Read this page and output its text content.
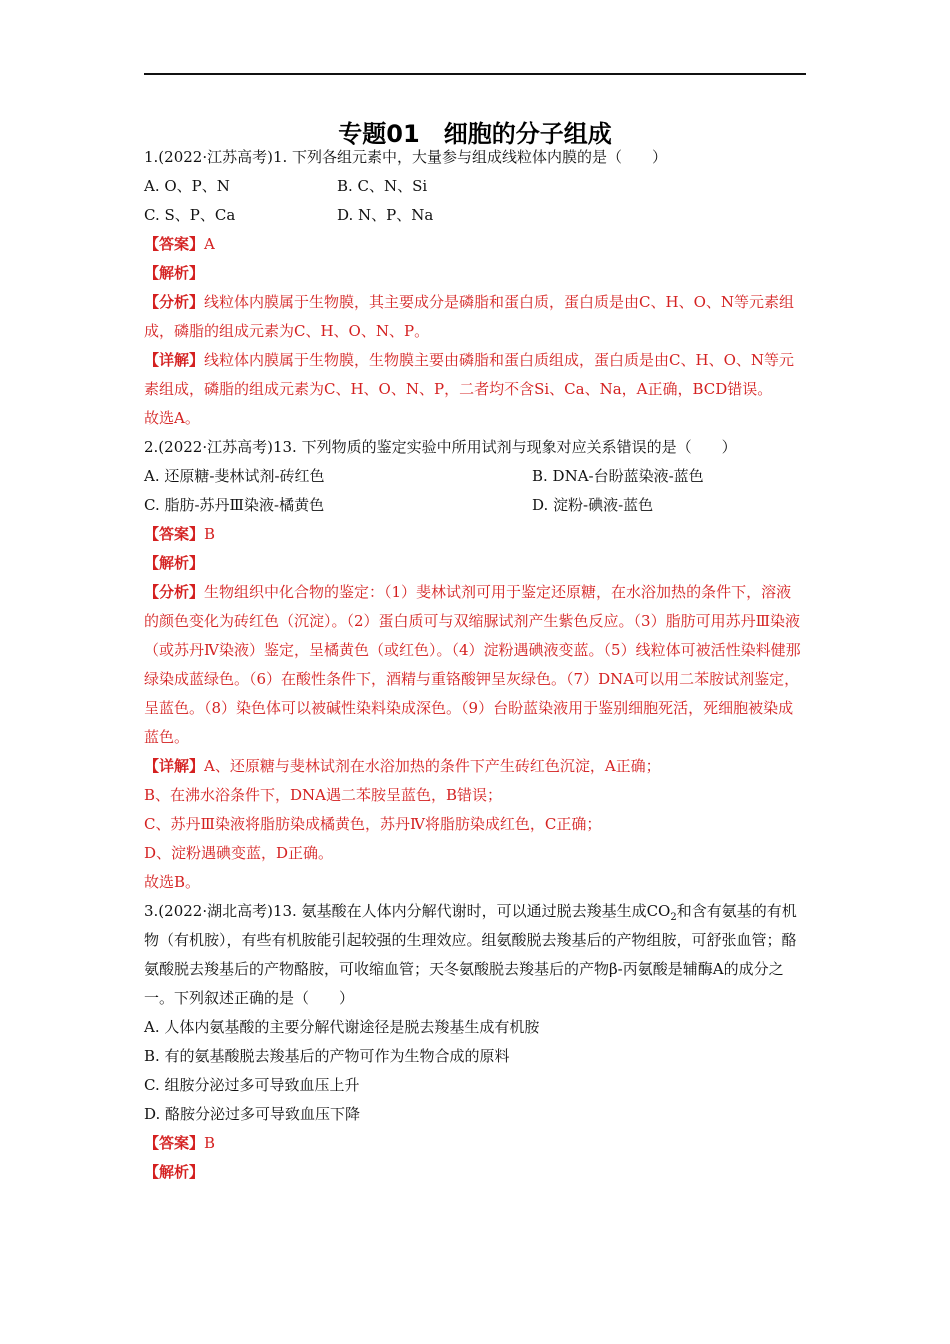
专题01　细胞的分子组成

1.(2022·江苏高考)1. 下列各组元素中，大量参与组成线粒体内膜的是（　　）

A. O、P、N	B. C、N、Si
C. S、P、Ca	D. N、P、Na

【答案】A

【解析】

【分析】线粒体内膜属于生物膜，其主要成分是磷脂和蛋白质，蛋白质是由C、H、O、N等元素组成，磷脂的组成元素为C、H、O、N、P。

【详解】线粒体内膜属于生物膜，生物膜主要由磷脂和蛋白质组成，蛋白质是由C、H、O、N等元素组成，磷脂的组成元素为C、H、O、N、P，二者均不含Si、Ca、Na，A正确，BCD错误。

故选A。

2.(2022·江苏高考)13. 下列物质的鉴定实验中所用试剂与现象对应关系错误的是（　　）

A. 还原糖-斐林试剂-砖红色	B. DNA-台盼蓝染液-蓝色
C. 脂肪-苏丹Ⅲ染液-橘黄色	D. 淀粉-碘液-蓝色

【答案】B

【解析】

【分析】生物组织中化合物的鉴定：（1）斐林试剂可用于鉴定还原糖，在水浴加热的条件下，溶液的颜色变化为砖红色（沉淀）。（2）蛋白质可与双缩脲试剂产生紫色反应。（3）脂肪可用苏丹Ⅲ染液（或苏丹Ⅳ染液）鉴定，呈橘黄色（或红色）。（4）淀粉遇碘液变蓝。（5）线粒体可被活性染料健那绿染成蓝绿色。（6）在酸性条件下，酒精与重铬酸钾呈灰绿色。（7）DNA可以用二苯胺试剂鉴定，呈蓝色。（8）染色体可以被碱性染料染成深色。（9）台盼蓝染液用于鉴别细胞死活，死细胞被染成蓝色。

【详解】A、还原糖与斐林试剂在水浴加热的条件下产生砖红色沉淀，A正确；

B、在沸水浴条件下，DNA遇二苯胺呈蓝色，B错误；

C、苏丹Ⅲ染液将脂肪染成橘黄色，苏丹Ⅳ将脂肪染成红色，C正确；

D、淀粉遇碘变蓝，D正确。

故选B。

3.(2022·湖北高考)13. 氨基酸在人体内分解代谢时，可以通过脱去羧基生成$CO_2$和含有氨基的有机物（有机胺），有些有机胺能引起较强的生理效应。组氨酸脱去羧基后的产物组胺，可舒张血管；酪氨酸脱去羧基后的产物酪胺，可收缩血管；天冬氨酸脱去羧基后的产物β-丙氨酸是辅酶A的成分之一。下列叙述正确的是（　　）

A. 人体内氨基酸的主要分解代谢途径是脱去羧基生成有机胺

B. 有的氨基酸脱去羧基后的产物可作为生物合成的原料

C. 组胺分泌过多可导致血压上升

D. 酪胺分泌过多可导致血压下降

【答案】B

【解析】
